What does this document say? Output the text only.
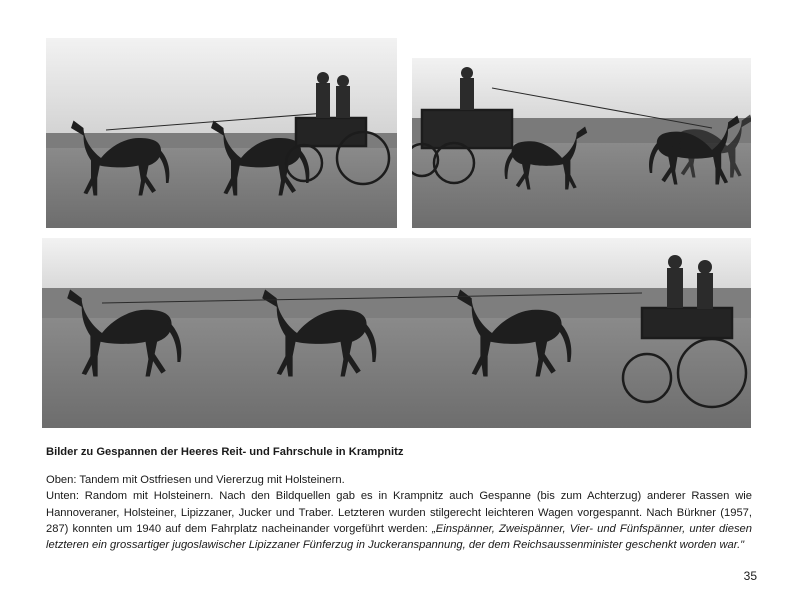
Bilder zu Gespannen der Heeres Reit- und Fahrschule in Krampnitz

Oben: Tandem mit Ostfriesen und Viererzug mit Holsteinern.

Unten: Random mit Holsteinern. Nach den Bildquellen gab es in Krampnitz auch Gespanne (bis zum Achterzug) anderer Rassen wie Hannoveraner, Holsteiner, Lipizzaner, Jucker und Traber. Letzteren wurden stilgerecht leichteren Wagen vorgespannt. Nach Bürkner (1957, 287) konnten um 1940 auf dem Fahrplatz nacheinander vorgeführt werden: „Einspänner, Zweispänner, Vier- und Fünfspänner, unter diesen letzteren ein grossartiger jugoslawischer Lipizzaner Fünferzug in Juckeranspannung, der dem Reichsaussenminister geschenkt worden war."

35
